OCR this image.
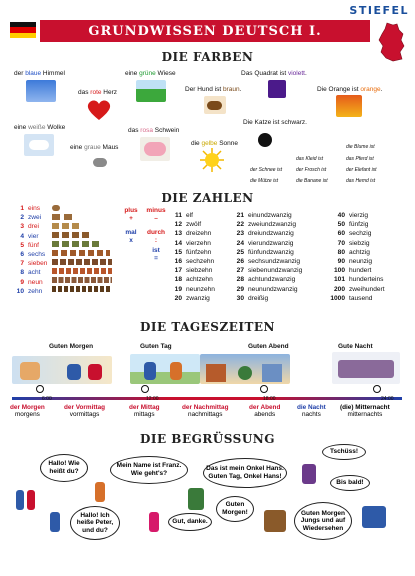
STIEFEL
GRUNDWISSEN DEUTSCH I.
DIE FARBEN
der blaue Himmel	eine grüne Wiese	Das Quadrat ist violett.
das rote Herz	Der Hund ist braun.	Die Orange ist orange.
eine weiße Wolke	das rosa Schwein
Die Katze ist schwarz.
eine graue Maus
die gelbe Sonne	die Blume ist
das Kleid ist	das Pferd ist
der Schnee ist	der Frosch ist	der Elefant ist
die Mütze ist	die Banane ist	das Hemd ist
DIE ZAHLEN
1 eins
2 zwei
3 drei
4 vier
5 fünf
6 sechs
7 sieben
8 acht
9 neun
10 zehn
plus
+
minus
–
mal
x
durch
:
ist
=
11 elf
12 zwölf
13 dreizehn
14 vierzehn
15 fünfzehn
16 sechzehn
17 siebzehn
18 achtzehn
19 neunzehn
20 zwanzig
21 einundzwanzig
22 zweiundzwanzig
23 dreiundzwanzig
24 vierundzwanzig
25 fünfundzwanzig
26 sechsundzwanzig
27 siebenundzwanzig
28 achtundzwanzig
29 neunundzwanzig
30 dreißig
40 vierzig
50 fünfzig
60 sechzig
70 siebzig
80 achtzig
90 neunzig
100 hundert
101 hunderteins
200 zweihundert
1000 tausend
DIE TAGESZEITEN
Guten Morgen	Guten Tag	Guten Abend	Gute Nacht
6:00	12:00	18:00	24:00
der Morgen
morgens
der Vormittag
vormittags
der Mittag
mittags
der Nachmittag
nachmittags
der Abend
abends
die Nacht
nachts
(die) Mitternacht
mitternachts
DIE BEGRÜSSUNG
Hallo! Wie heißt du?
Mein Name ist Franz. Wie geht's?
Das ist mein Onkel Hans. Guten Tag, Onkel Hans!
Tschüss!
Bis bald!
Hallo! Ich heiße Peter, und du?
Gut, danke.
Guten Morgen!	Guten Morgen Jungs und auf Wiedersehen
